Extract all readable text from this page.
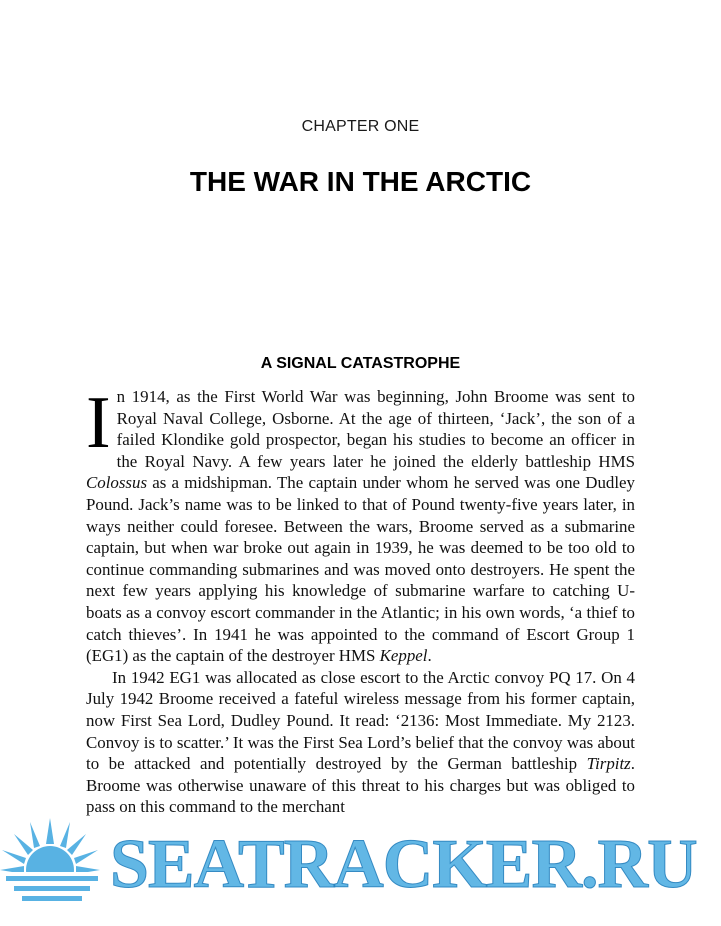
CHAPTER ONE
THE WAR IN THE ARCTIC
A SIGNAL CATASTROPHE

In 1914, as the First World War was beginning, John Broome was sent to Royal Naval College, Osborne. At the age of thirteen, ‘Jack’, the son of a failed Klondike gold prospector, began his studies to become an officer in the Royal Navy. A few years later he joined the elderly battleship HMS Colossus as a midshipman. The captain under whom he served was one Dudley Pound. Jack’s name was to be linked to that of Pound twenty-five years later, in ways neither could foresee. Between the wars, Broome served as a submarine captain, but when war broke out again in 1939, he was deemed to be too old to continue commanding submarines and was moved onto destroyers. He spent the next few years applying his knowledge of submarine warfare to catching U-boats as a convoy escort commander in the Atlantic; in his own words, ‘a thief to catch thieves’. In 1941 he was appointed to the command of Escort Group 1 (EG1) as the captain of the destroyer HMS Keppel.

In 1942 EG1 was allocated as close escort to the Arctic convoy PQ 17. On 4 July 1942 Broome received a fateful wireless message from his former captain, now First Sea Lord, Dudley Pound. It read: ‘2136: Most Immediate. My 2123. Convoy is to scatter.’ It was the First Sea Lord’s belief that the convoy was about to be attacked and potentially destroyed by the German battleship Tirpitz. Broome was otherwise unaware of this threat to his charges but was obliged to pass on this command to the merchant

SEATRACKER.RU
